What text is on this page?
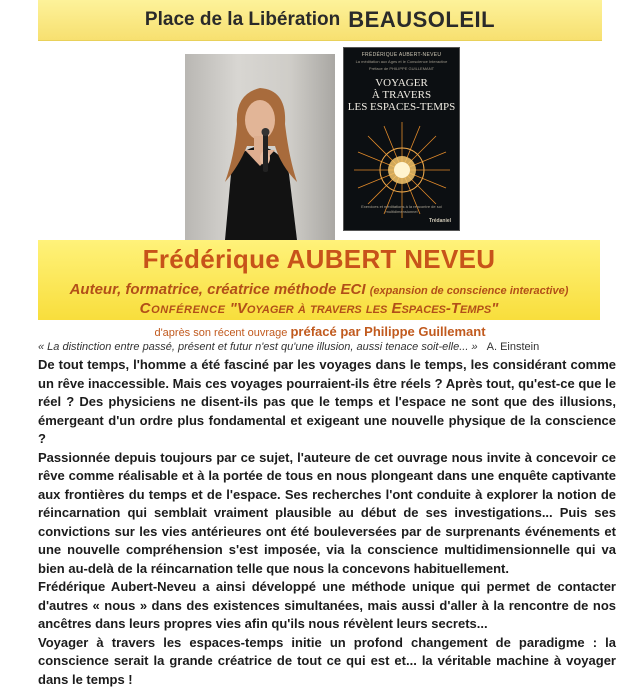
Place de la Libération BEAUSOLEIL
FRÉDÉRIQUE AUBERT-NEVEU
La méditation aux Ages et le Conscience Interactive
Préface de PHILIPPE GUILLEMANT
VOYAGER
À TRAVERS
LES ESPACES-TEMPS
Exercices et méditations à la rencontre de soi multidimensionnel
Trédaniel
Frédérique AUBERT NEVEU
Auteur, formatrice, créatrice méthode ECI (expansion de conscience interactive)
Conférence "Voyager à travers les Espaces-Temps"
d'après son récent ouvrage préfacé par Philippe Guillemant
« La distinction entre passé, présent et futur n'est qu'une illusion, aussi tenace soit-elle... » A. Einstein

De tout temps, l'homme a été fasciné par les voyages dans le temps, les considérant comme un rêve inaccessible. Mais ces voyages pourraient-ils être réels ? Après tout, qu'est-ce que le réel ? Des physiciens ne disent-ils pas que le temps et l'espace ne sont que des illusions, émergeant d'un ordre plus fondamental et exigeant une nouvelle physique de la conscience ?

Passionnée depuis toujours par ce sujet, l'auteure de cet ouvrage nous invite à concevoir ce rêve comme réalisable et à la portée de tous en nous plongeant dans une enquête captivante aux frontières du temps et de l'espace. Ses recherches l'ont conduite à explorer la notion de réincarnation qui semblait vraiment plausible au début de ses investigations... Puis ses convictions sur les vies antérieures ont été bouleversées par de surprenants événements et une nouvelle compréhension s'est imposée, via la conscience multidimensionnelle qui va bien au-delà de la réincarnation telle que nous la concevons habituellement.

Frédérique Aubert-Neveu a ainsi développé une méthode unique qui permet de contacter d'autres « nous » dans des existences simultanées, mais aussi d'aller à la rencontre de nos ancêtres dans leurs propres vies afin qu'ils nous révèlent leurs secrets...

Voyager à travers les espaces-temps initie un profond changement de paradigme : la conscience serait la grande créatrice de tout ce qui est et... la véritable machine à voyager dans le temps !
